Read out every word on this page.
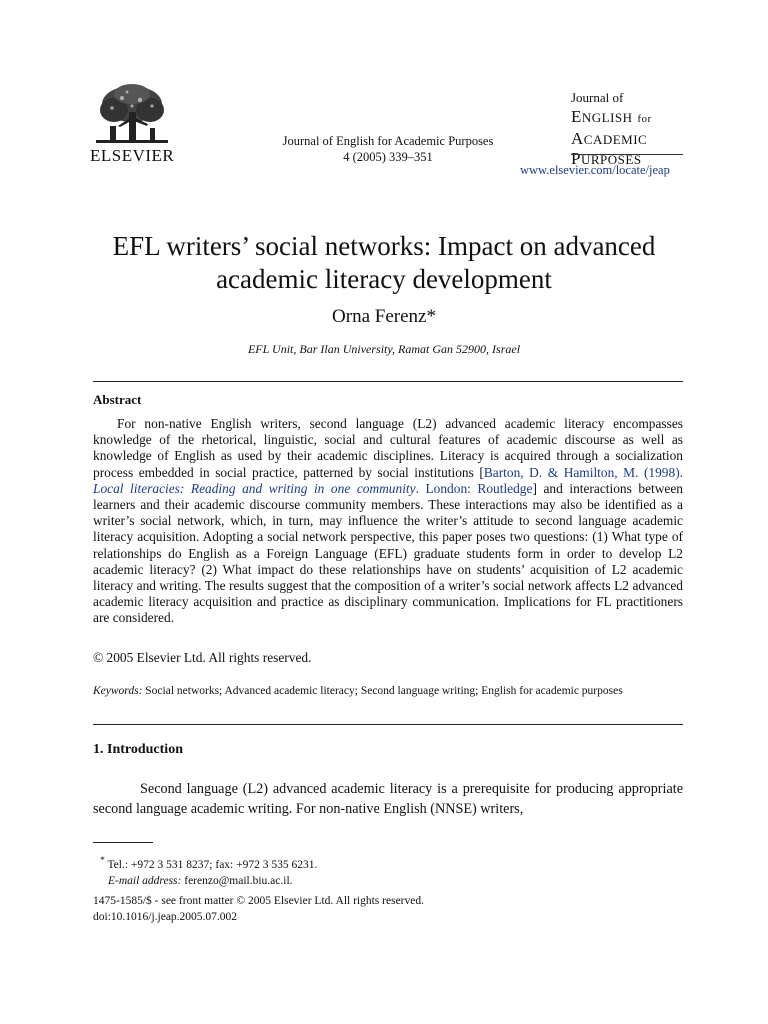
ELSEVIER
Journal of English for Academic Purposes
4 (2005) 339–351
Journal of
ENGLISH for
ACADEMIC
PURPOSES
www.elsevier.com/locate/jeap
EFL writers’ social networks: Impact on advanced academic literacy development
Orna Ferenz*
EFL Unit, Bar Ilan University, Ramat Gan 52900, Israel
Abstract
For non-native English writers, second language (L2) advanced academic literacy encompasses knowledge of the rhetorical, linguistic, social and cultural features of academic discourse as well as knowledge of English as used by their academic disciplines. Literacy is acquired through a socialization process embedded in social practice, patterned by social institutions [Barton, D. & Hamilton, M. (1998). Local literacies: Reading and writing in one community. London: Routledge] and interactions between learners and their academic discourse community members. These interactions may also be identified as a writer’s social network, which, in turn, may influence the writer’s attitude to second language academic literacy acquisition. Adopting a social network perspective, this paper poses two questions: (1) What type of relationships do English as a Foreign Language (EFL) graduate students form in order to develop L2 academic literacy? (2) What impact do these relationships have on students’ acquisition of L2 academic literacy and writing. The results suggest that the composition of a writer’s social network affects L2 advanced academic literacy acquisition and practice as disciplinary communication. Implications for FL practitioners are considered.
© 2005 Elsevier Ltd. All rights reserved.
Keywords: Social networks; Advanced academic literacy; Second language writing; English for academic purposes
1. Introduction
Second language (L2) advanced academic literacy is a prerequisite for producing appropriate second language academic writing. For non-native English (NNSE) writers,
* Tel.: +972 3 531 8237; fax: +972 3 535 6231.
E-mail address: ferenzo@mail.biu.ac.il.
1475-1585/$ - see front matter © 2005 Elsevier Ltd. All rights reserved.
doi:10.1016/j.jeap.2005.07.002
